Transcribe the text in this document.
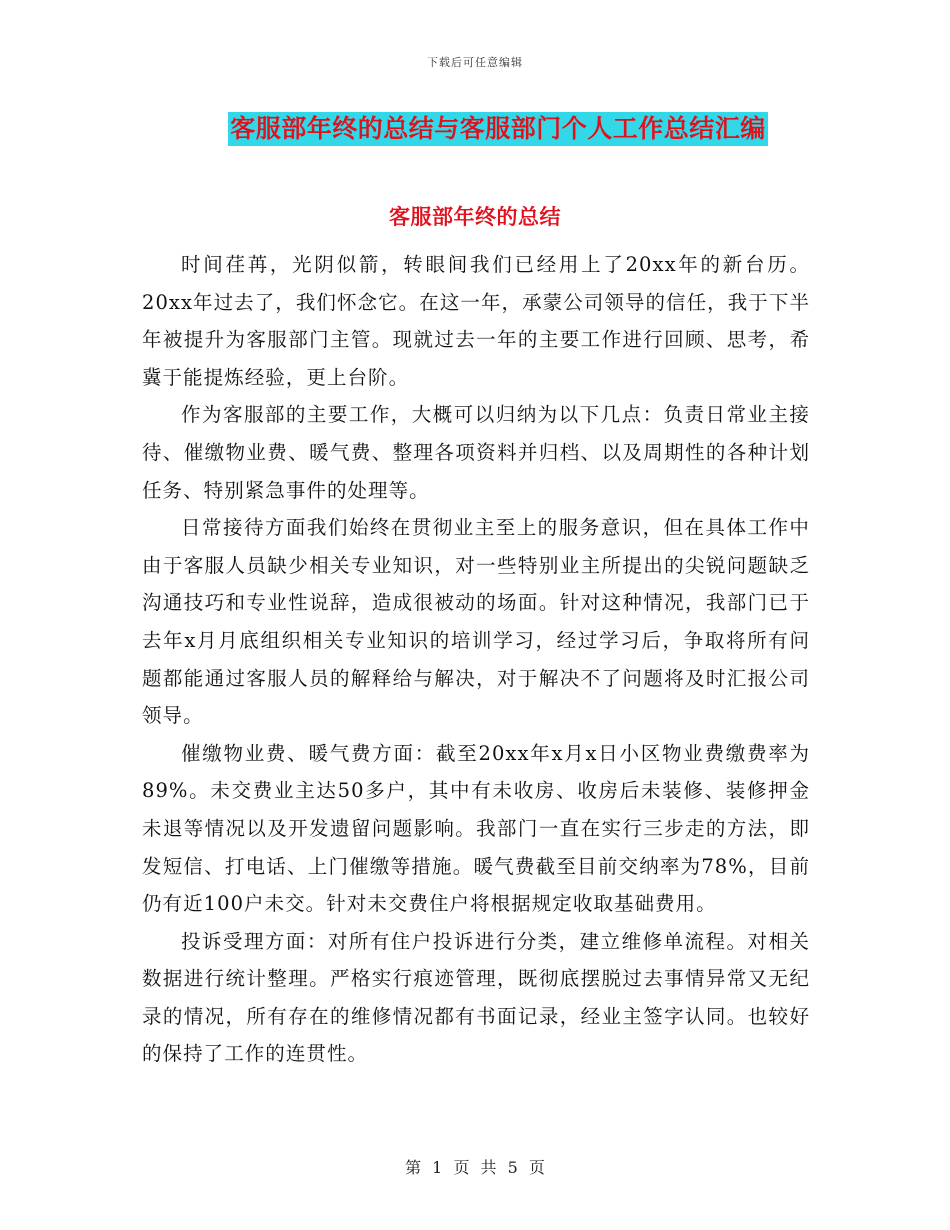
下载后可任意编辑
客服部年终的总结与客服部门个人工作总结汇编
客服部年终的总结

时间荏苒，光阴似箭，转眼间我们已经用上了20xx年的新台历。20xx年过去了，我们怀念它。在这一年，承蒙公司领导的信任，我于下半年被提升为客服部门主管。现就过去一年的主要工作进行回顾、思考，希冀于能提炼经验，更上台阶。

作为客服部的主要工作，大概可以归纳为以下几点：负责日常业主接待、催缴物业费、暖气费、整理各项资料并归档、以及周期性的各种计划任务、特别紧急事件的处理等。

日常接待方面我们始终在贯彻业主至上的服务意识，但在具体工作中由于客服人员缺少相关专业知识，对一些特别业主所提出的尖锐问题缺乏沟通技巧和专业性说辞，造成很被动的场面。针对这种情况，我部门已于去年x月月底组织相关专业知识的培训学习，经过学习后，争取将所有问题都能通过客服人员的解释给与解决，对于解决不了问题将及时汇报公司领导。

催缴物业费、暖气费方面：截至20xx年x月x日小区物业费缴费率为89%。未交费业主达50多户，其中有未收房、收房后未装修、装修押金未退等情况以及开发遗留问题影响。我部门一直在实行三步走的方法，即发短信、打电话、上门催缴等措施。暖气费截至目前交纳率为78%，目前仍有近100户未交。针对未交费住户将根据规定收取基础费用。

投诉受理方面：对所有住户投诉进行分类，建立维修单流程。对相关数据进行统计整理。严格实行痕迹管理，既彻底摆脱过去事情异常又无纪录的情况，所有存在的维修情况都有书面记录，经业主签字认同。也较好的保持了工作的连贯性。

第 1 页 共 5 页
